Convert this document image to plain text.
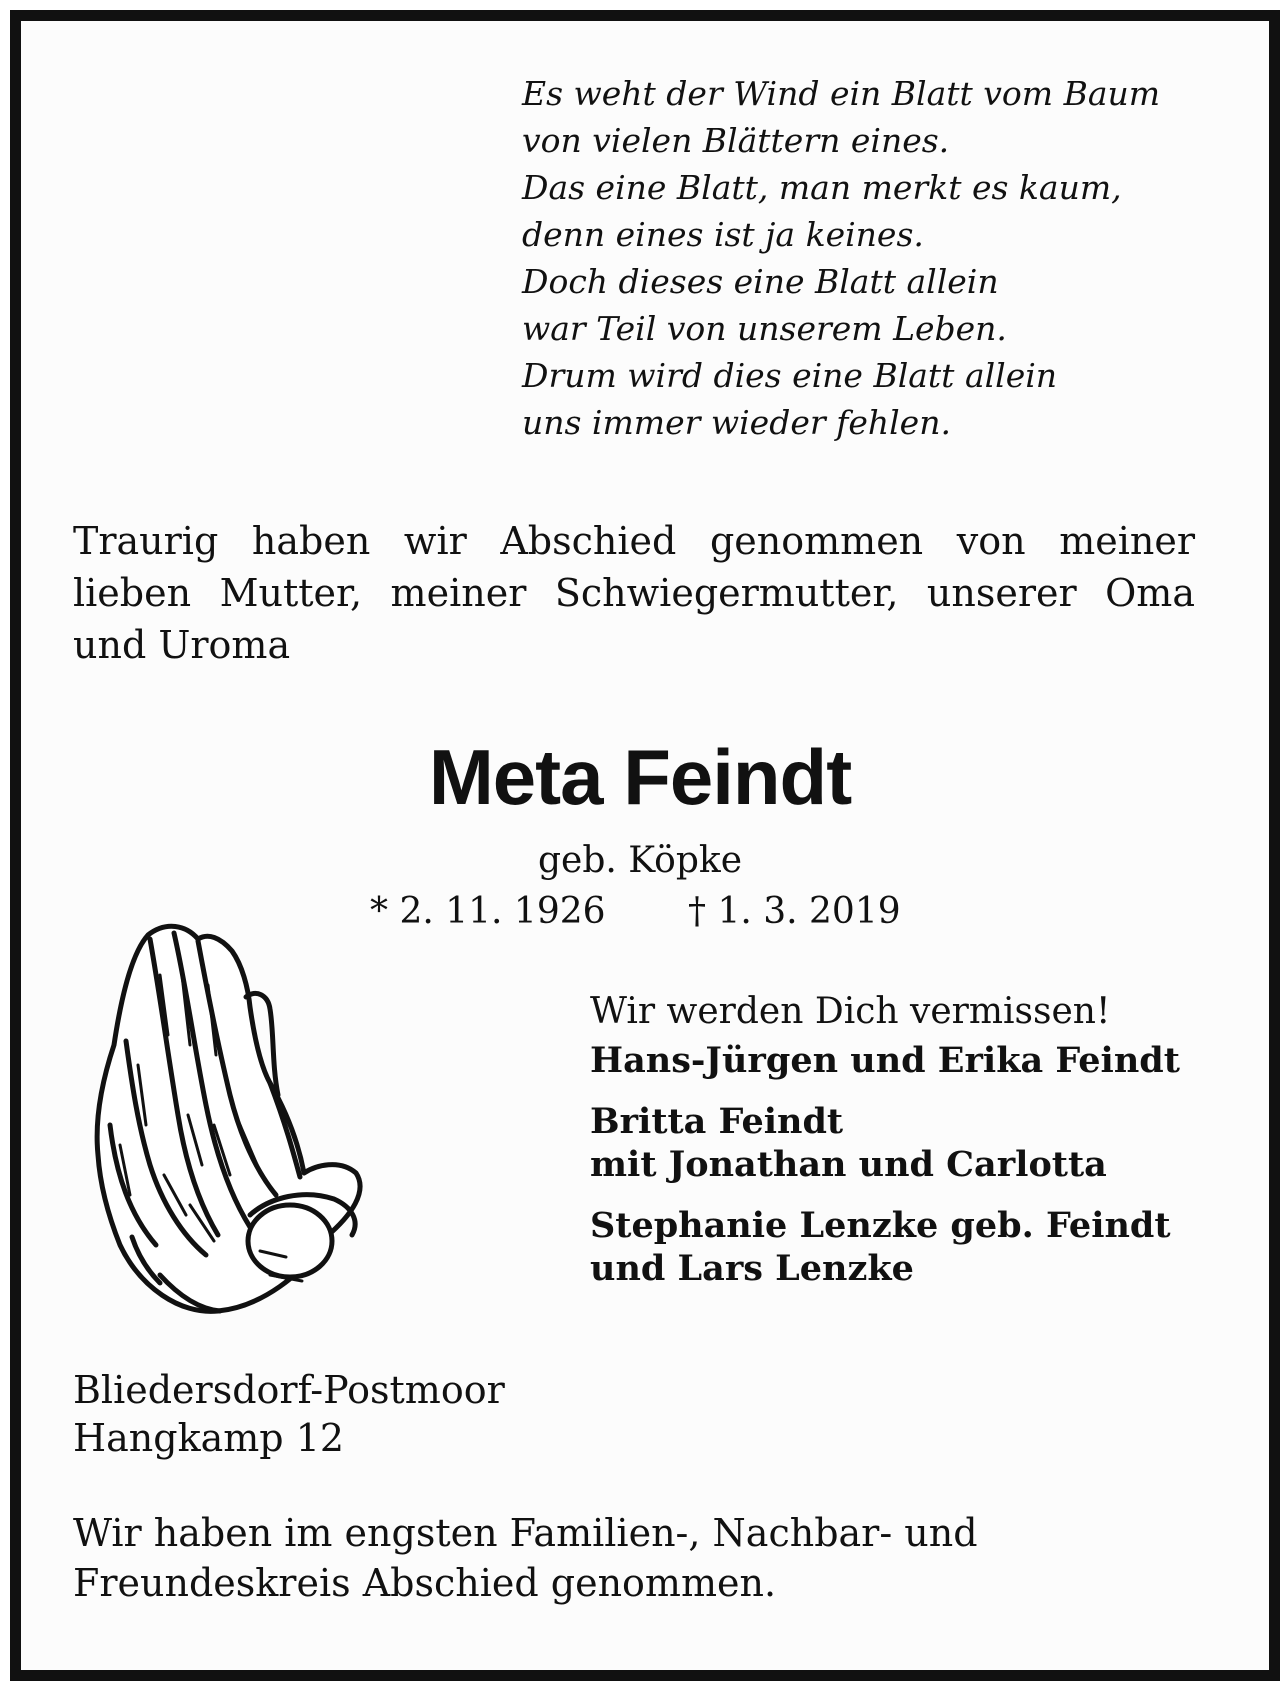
Es weht der Wind ein Blatt vom Baum
von vielen Blättern eines.
Das eine Blatt, man merkt es kaum,
denn eines ist ja keines.
Doch dieses eine Blatt allein
war Teil von unserem Leben.
Drum wird dies eine Blatt allein
uns immer wieder fehlen.
Traurig haben wir Abschied genommen von meiner
lieben Mutter, meiner Schwiegermutter, unserer Oma
und Uroma
Meta Feindt
geb. Köpke
* 2. 11. 1926 † 1. 3. 2019
Wir werden Dich vermissen!
Hans-Jürgen und Erika Feindt
Britta Feindt
mit Jonathan und Carlotta
Stephanie Lenzke geb. Feindt
und Lars Lenzke
Bliedersdorf-Postmoor
Hangkamp 12
Wir haben im engsten Familien-, Nachbar- und
Freundeskreis Abschied genommen.
